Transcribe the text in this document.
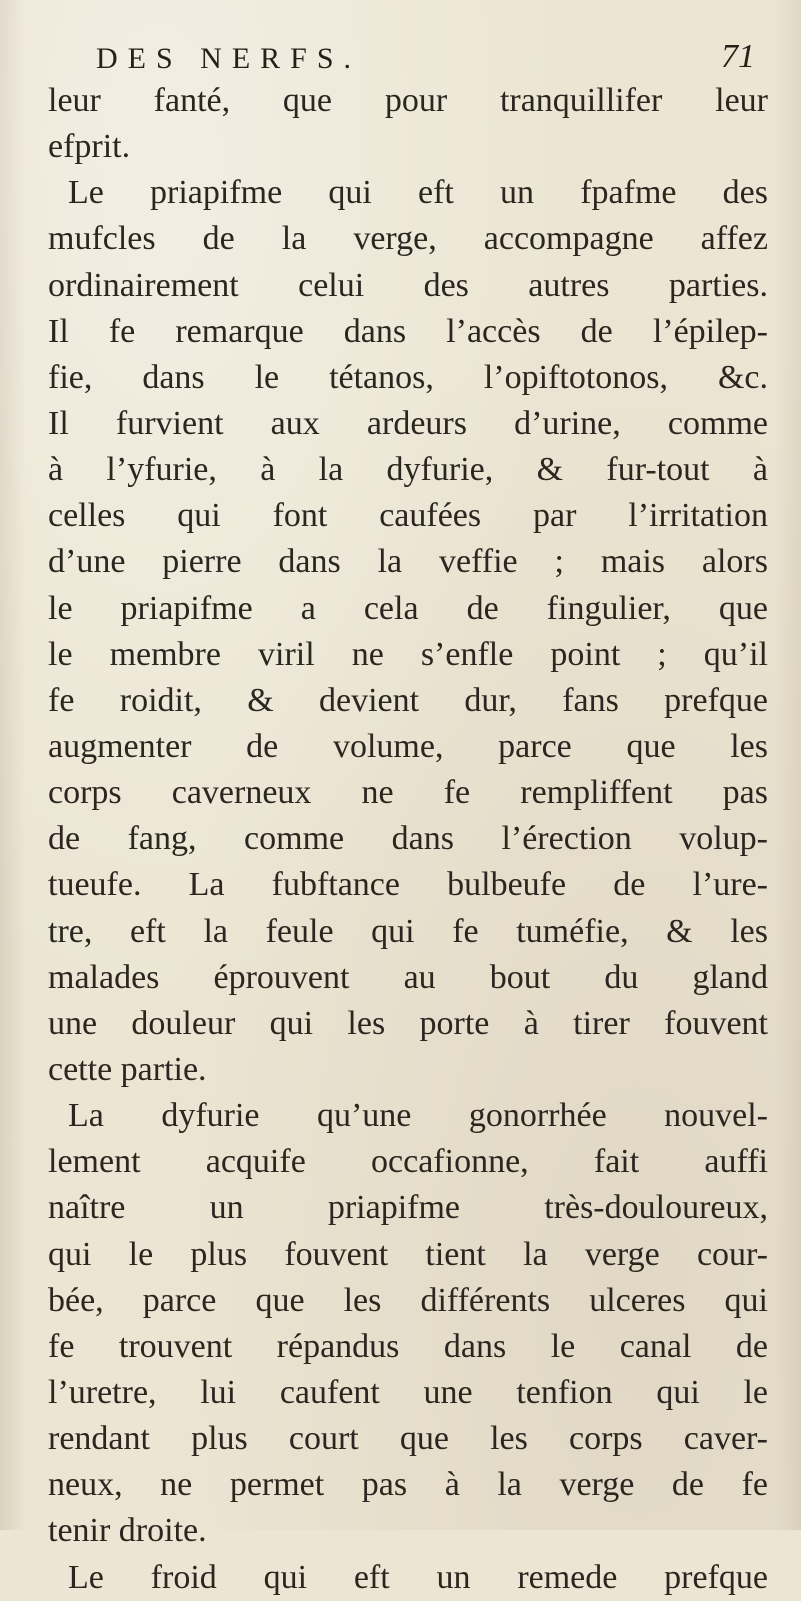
DES NERFS.	71
leur fanté, que pour tranquillifer leur
efprit.
Le priapifme qui eft un fpafme des
mufcles de la verge, accompagne affez
ordinairement celui des autres parties.
Il fe remarque dans l’accès de l’épilep-
fie, dans le tétanos, l’opiftotonos, &c.
Il furvient aux ardeurs d’urine, comme
à l’yfurie, à la dyfurie, & fur-tout à
celles qui font caufées par l’irritation
d’une pierre dans la veffie ; mais alors
le priapifme a cela de fingulier, que
le membre viril ne s’enfle point ; qu’il
fe roidit, & devient dur, fans prefque
augmenter de volume, parce que les
corps caverneux ne fe rempliffent pas
de fang, comme dans l’érection volup-
tueufe. La fubftance bulbeufe de l’ure-
tre, eft la feule qui fe tuméfie, & les
malades éprouvent au bout du gland
une douleur qui les porte à tirer fouvent
cette partie.
La dyfurie qu’une gonorrhée nouvel-
lement acquife occafionne, fait auffi
naître un priapifme très-douloureux,
qui le plus fouvent tient la verge cour-
bée, parce que les différents ulceres qui
fe trouvent répandus dans le canal de
l’uretre, lui caufent une tenfion qui le
rendant plus court que les corps caver-
neux, ne permet pas à la verge de fe
tenir droite.
Le froid qui eft un remede prefque
